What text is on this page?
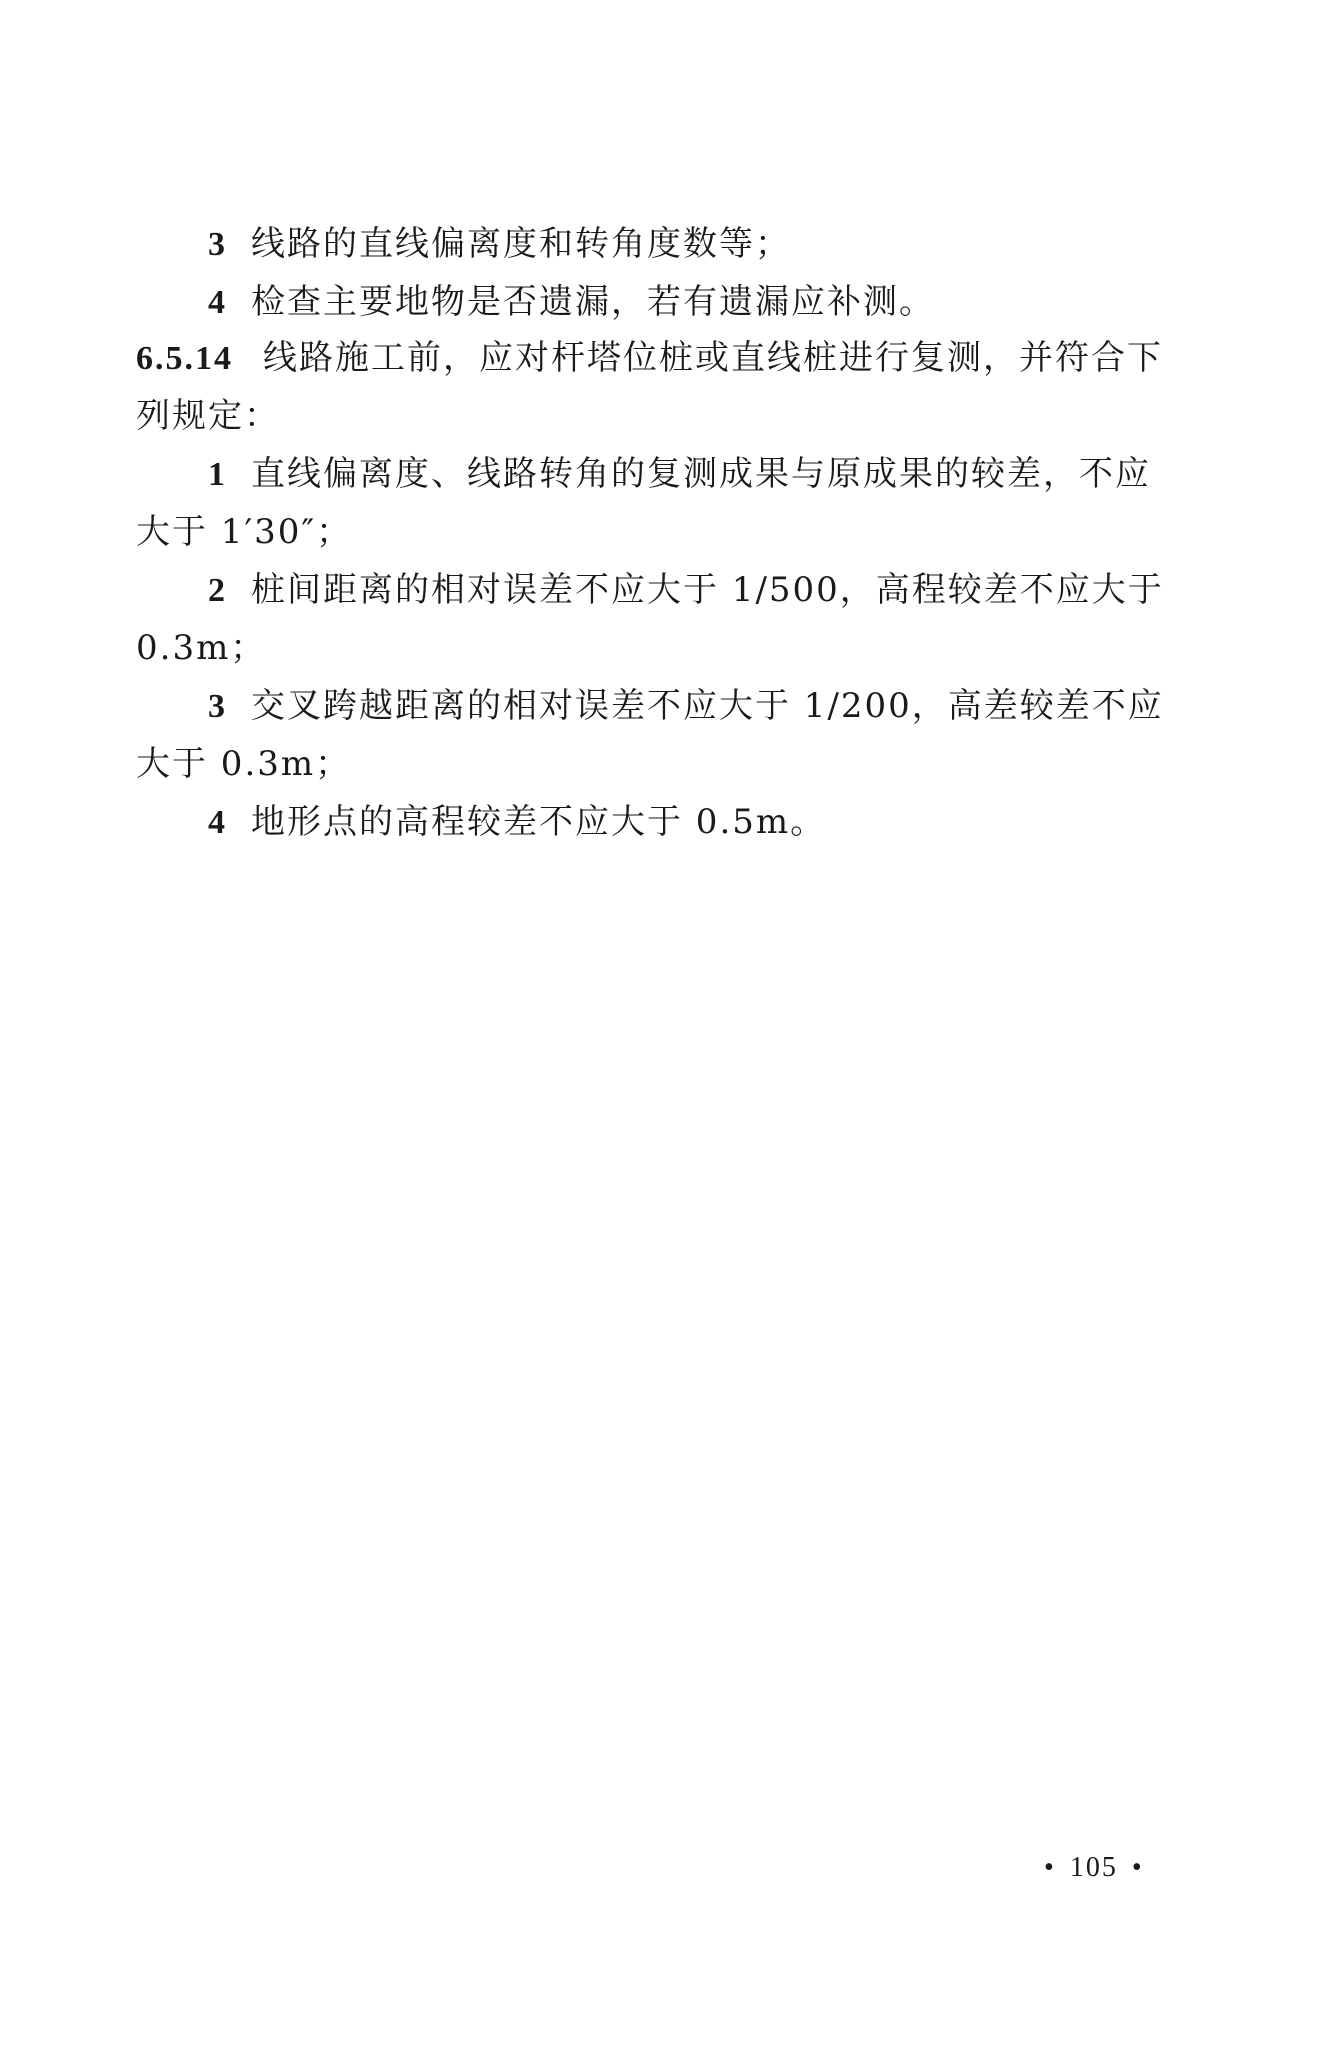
3 线路的直线偏离度和转角度数等；
4 检查主要地物是否遗漏，若有遗漏应补测。
6.5.14 线路施工前，应对杆塔位桩或直线桩进行复测，并符合下
列规定：
1 直线偏离度、线路转角的复测成果与原成果的较差，不应
大于 1′30″；
2 桩间距离的相对误差不应大于 1/500，高程较差不应大于
0.3m；
3 交叉跨越距离的相对误差不应大于 1/200，高差较差不应
大于 0.3m；
4 地形点的高程较差不应大于 0.5m。
• 105 •
